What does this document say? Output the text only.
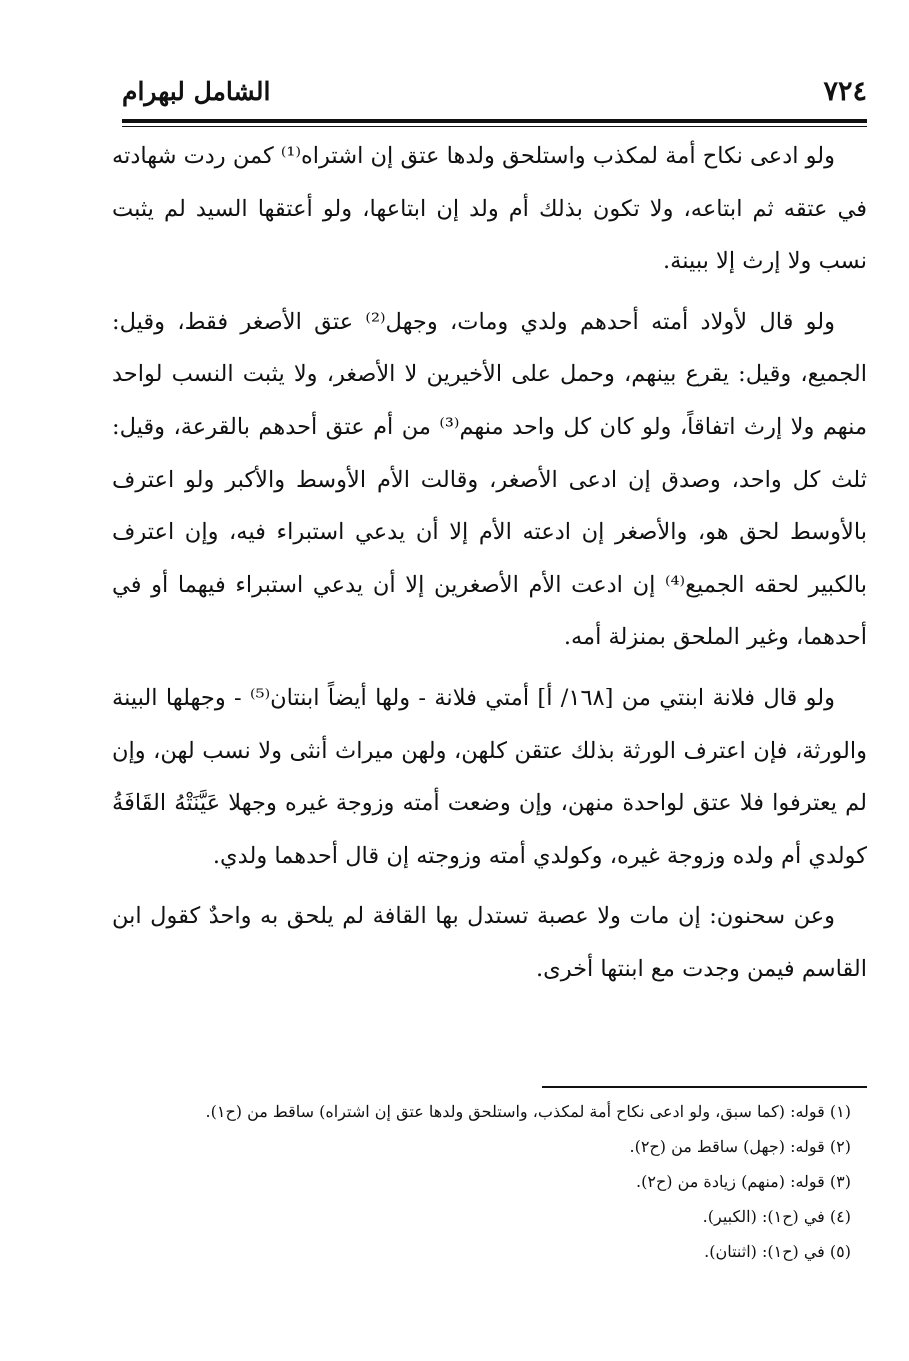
٧٢٤
الشامل لبهرام

ولو ادعى نكاح أمة لمكذب واستلحق ولدها عتق إن اشتراه⁽¹⁾ كمن ردت شهادته في عتقه ثم ابتاعه، ولا تكون بذلك أم ولد إن ابتاعها، ولو أعتقها السيد لم يثبت نسب ولا إرث إلا ببينة.

ولو قال لأولاد أمته أحدهم ولدي ومات، وجهل⁽²⁾ عتق الأصغر فقط، وقيل: الجميع، وقيل: يقرع بينهم، وحمل على الأخيرين لا الأصغر، ولا يثبت النسب لواحد منهم ولا إرث اتفاقاً، ولو كان كل واحد منهم⁽³⁾ من أم عتق أحدهم بالقرعة، وقيل: ثلث كل واحد، وصدق إن ادعى الأصغر، وقالت الأم الأوسط والأكبر ولو اعترف بالأوسط لحق هو، والأصغر إن ادعته الأم إلا أن يدعي استبراء فيه، وإن اعترف بالكبير لحقه الجميع⁽⁴⁾ إن ادعت الأم الأصغرين إلا أن يدعي استبراء فيهما أو في أحدهما، وغير الملحق بمنزلة أمه.

ولو قال فلانة ابنتي من [١٦٨/ أ] أمتي فلانة - ولها أيضاً ابنتان⁽⁵⁾ - وجهلها البينة والورثة، فإن اعترف الورثة بذلك عتقن كلهن، ولهن ميراث أنثى ولا نسب لهن، وإن لم يعترفوا فلا عتق لواحدة منهن، وإن وضعت أمته وزوجة غيره وجهلا عَيَّنَتْهُ القَافَةُ كولدي أم ولده وزوجة غيره، وكولدي أمته وزوجته إن قال أحدهما ولدي.

وعن سحنون: إن مات ولا عصبة تستدل بها القافة لم يلحق به واحدٌ كقول ابن القاسم فيمن وجدت مع ابنتها أخرى.

(١) قوله: (كما سبق، ولو ادعى نكاح أمة لمكذب، واستلحق ولدها عتق إن اشتراه) ساقط من (ح١).

(٢) قوله: (جهل) ساقط من (ح٢).

(٣) قوله: (منهم) زيادة من (ح٢).

(٤) في (ح١): (الكبير).

(٥) في (ح١): (اثنتان).
